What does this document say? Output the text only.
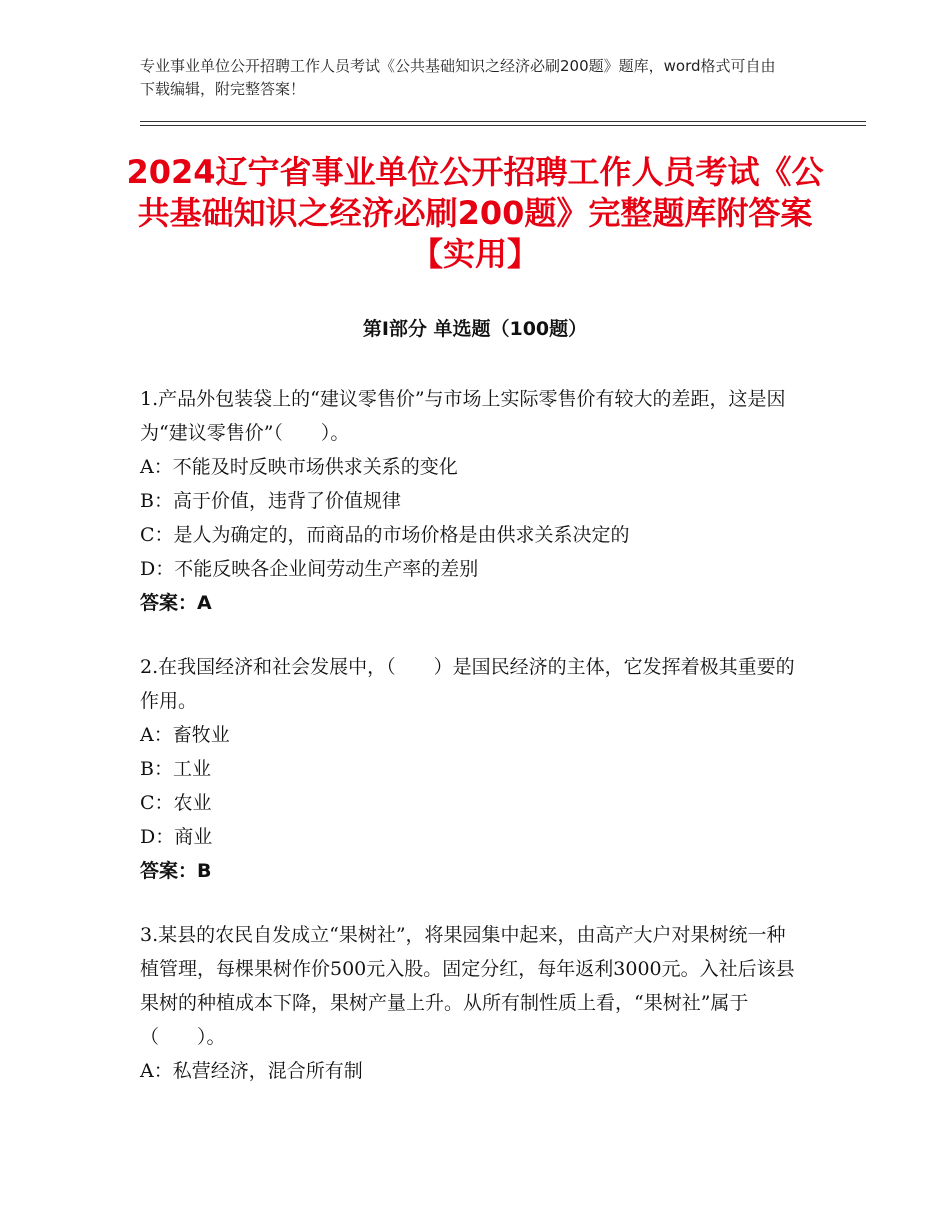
专业事业单位公开招聘工作人员考试《公共基础知识之经济必刷200题》题库，word格式可自由下载编辑，附完整答案！
2024辽宁省事业单位公开招聘工作人员考试《公共基础知识之经济必刷200题》完整题库附答案【实用】
第Ⅰ部分 单选题（100题）
1.产品外包装袋上的“建议零售价”与市场上实际零售价有较大的差距，这是因为“建议零售价”（　　）。
A：不能及时反映市场供求关系的变化
B：高于价值，违背了价值规律
C：是人为确定的，而商品的市场价格是由供求关系决定的
D：不能反映各企业间劳动生产率的差别
答案：A
2.在我国经济和社会发展中，（　　）是国民经济的主体，它发挥着极其重要的作用。
A：畜牧业
B：工业
C：农业
D：商业
答案：B
3.某县的农民自发成立“果树社”，将果园集中起来，由高产大户对果树统一种植管理，每棵果树作价500元入股。固定分红，每年返利3000元。入社后该县果树的种植成本下降，果树产量上升。从所有制性质上看，“果树社”属于（　　）。
A：私营经济，混合所有制
